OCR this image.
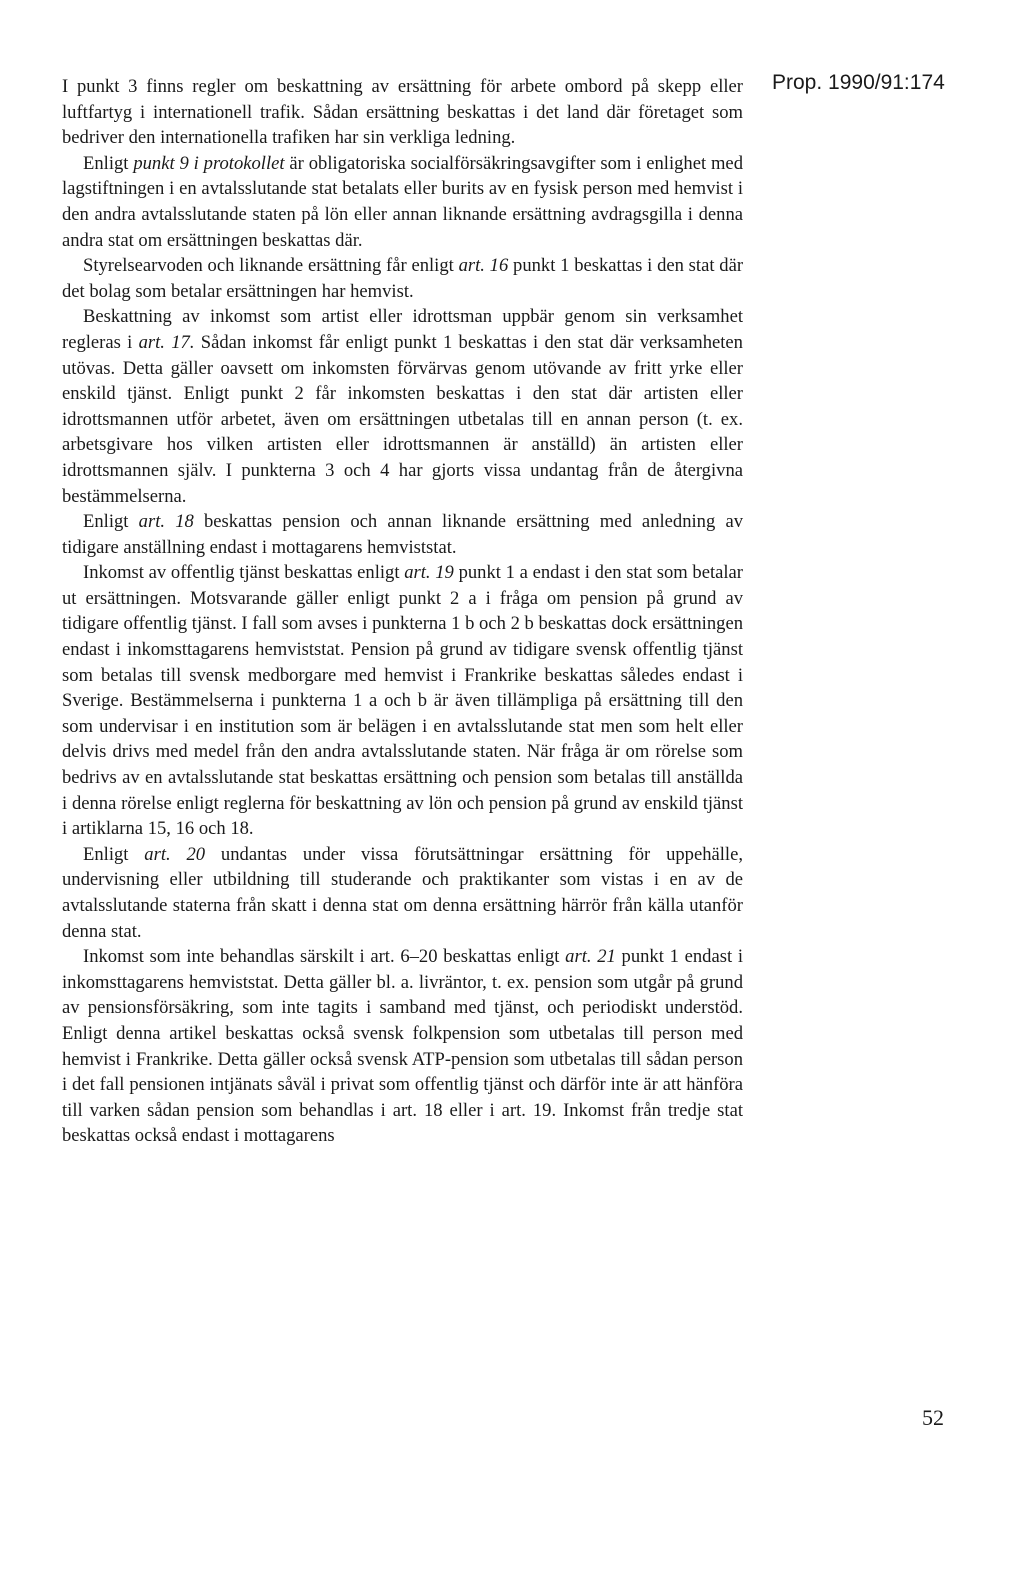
Prop. 1990/91:174

I punkt 3 finns regler om beskattning av ersättning för arbete ombord på skepp eller luftfartyg i internationell trafik. Sådan ersättning beskattas i det land där företaget som bedriver den internationella trafiken har sin verkliga ledning.

Enligt punkt 9 i protokollet är obligatoriska socialförsäkringsavgifter som i enlighet med lagstiftningen i en avtalsslutande stat betalats eller burits av en fysisk person med hemvist i den andra avtalsslutande staten på lön eller annan liknande ersättning avdragsgilla i denna andra stat om ersättningen beskattas där.

Styrelsearvoden och liknande ersättning får enligt art. 16 punkt 1 beskattas i den stat där det bolag som betalar ersättningen har hemvist.

Beskattning av inkomst som artist eller idrottsman uppbär genom sin verksamhet regleras i art. 17. Sådan inkomst får enligt punkt 1 beskattas i den stat där verksamheten utövas. Detta gäller oavsett om inkomsten förvärvas genom utövande av fritt yrke eller enskild tjänst. Enligt punkt 2 får inkomsten beskattas i den stat där artisten eller idrottsmannen utför arbetet, även om ersättningen utbetalas till en annan person (t. ex. arbetsgivare hos vilken artisten eller idrottsmannen är anställd) än artisten eller idrottsmannen själv. I punkterna 3 och 4 har gjorts vissa undantag från de återgivna bestämmelserna.

Enligt art. 18 beskattas pension och annan liknande ersättning med anledning av tidigare anställning endast i mottagarens hemviststat.

Inkomst av offentlig tjänst beskattas enligt art. 19 punkt 1 a endast i den stat som betalar ut ersättningen. Motsvarande gäller enligt punkt 2 a i fråga om pension på grund av tidigare offentlig tjänst. I fall som avses i punkterna 1 b och 2 b beskattas dock ersättningen endast i inkomsttagarens hemviststat. Pension på grund av tidigare svensk offentlig tjänst som betalas till svensk medborgare med hemvist i Frankrike beskattas således endast i Sverige. Bestämmelserna i punkterna 1 a och b är även tillämpliga på ersättning till den som undervisar i en institution som är belägen i en avtalsslutande stat men som helt eller delvis drivs med medel från den andra avtalsslutande staten. När fråga är om rörelse som bedrivs av en avtalsslutande stat beskattas ersättning och pension som betalas till anställda i denna rörelse enligt reglerna för beskattning av lön och pension på grund av enskild tjänst i artiklarna 15, 16 och 18.

Enligt art. 20 undantas under vissa förutsättningar ersättning för uppehälle, undervisning eller utbildning till studerande och praktikanter som vistas i en av de avtalsslutande staterna från skatt i denna stat om denna ersättning härrör från källa utanför denna stat.

Inkomst som inte behandlas särskilt i art. 6–20 beskattas enligt art. 21 punkt 1 endast i inkomsttagarens hemviststat. Detta gäller bl. a. livräntor, t. ex. pension som utgår på grund av pensionsförsäkring, som inte tagits i samband med tjänst, och periodiskt understöd. Enligt denna artikel beskattas också svensk folkpension som utbetalas till person med hemvist i Frankrike. Detta gäller också svensk ATP-pension som utbetalas till sådan person i det fall pensionen intjänats såväl i privat som offentlig tjänst och därför inte är att hänföra till varken sådan pension som behandlas i art. 18 eller i art. 19. Inkomst från tredje stat beskattas också endast i mottagarens

52
